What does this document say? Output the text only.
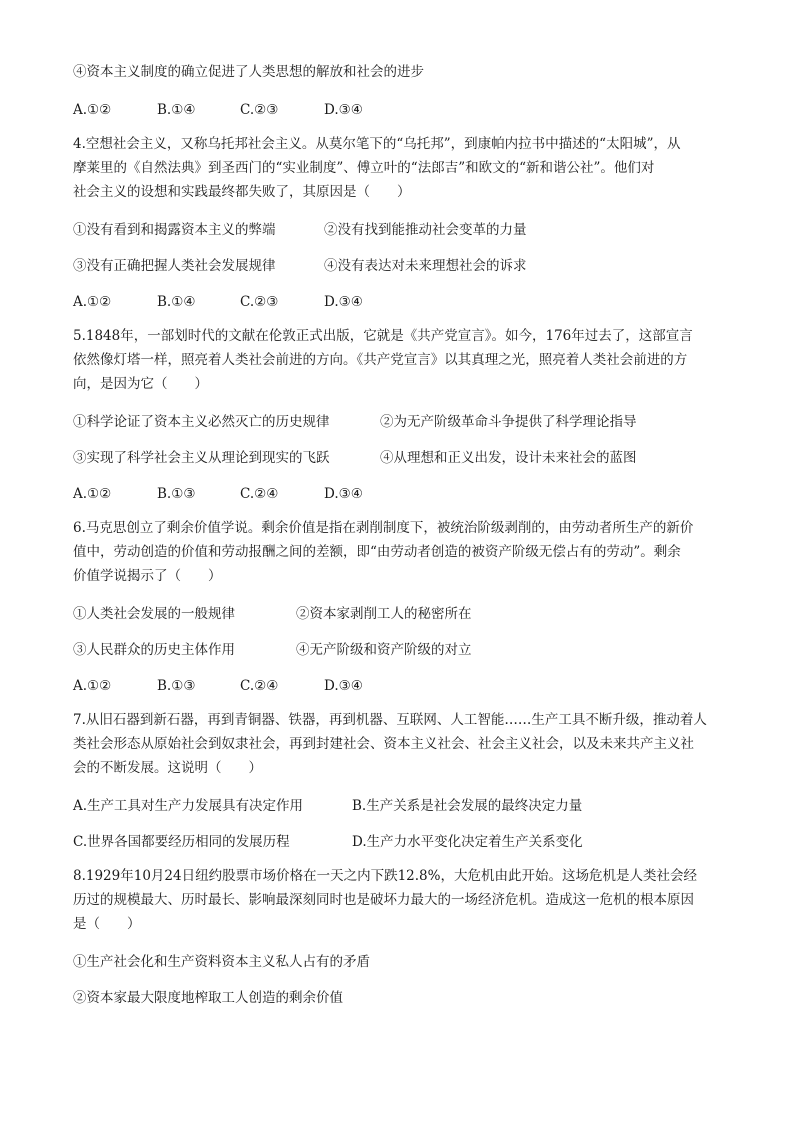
④资本主义制度的确立促进了人类思想的解放和社会的进步
A.①②	B.①④	C.②③	D.③④
4.空想社会主义，又称乌托邦社会主义。从莫尔笔下的“乌托邦”，到康帕内拉书中描述的“太阳城”，从
摩莱里的《自然法典》到圣西门的“实业制度”、傅立叶的“法郎吉”和欧文的“新和谐公社”。他们对
社会主义的设想和实践最终都失败了，其原因是（　　）
①没有看到和揭露资本主义的弊端	②没有找到能推动社会变革的力量
③没有正确把握人类社会发展规律	④没有表达对未来理想社会的诉求
A.①②	B.①④	C.②③	D.③④
5.1848年，一部划时代的文献在伦敦正式出版，它就是《共产党宣言》。如今，176年过去了，这部宣言
依然像灯塔一样，照亮着人类社会前进的方向。《共产党宣言》以其真理之光，照亮着人类社会前进的方
向，是因为它（　　）
①科学论证了资本主义必然灭亡的历史规律	②为无产阶级革命斗争提供了科学理论指导
③实现了科学社会主义从理论到现实的飞跃	④从理想和正义出发，设计未来社会的蓝图
A.①②	B.①③	C.②④	D.③④
6.马克思创立了剩余价值学说。剩余价值是指在剥削制度下，被统治阶级剥削的，由劳动者所生产的新价
值中，劳动创造的价值和劳动报酬之间的差额，即“由劳动者创造的被资产阶级无偿占有的劳动”。剩余
价值学说揭示了（　　）
①人类社会发展的一般规律	②资本家剥削工人的秘密所在
③人民群众的历史主体作用	④无产阶级和资产阶级的对立
A.①②	B.①③	C.②④	D.③④
7.从旧石器到新石器，再到青铜器、铁器，再到机器、互联网、人工智能……生产工具不断升级，推动着人
类社会形态从原始社会到奴隶社会，再到封建社会、资本主义社会、社会主义社会，以及未来共产主义社
会的不断发展。这说明（　　）
A.生产工具对生产力发展具有决定作用	B.生产关系是社会发展的最终决定力量
C.世界各国都要经历相同的发展历程	D.生产力水平变化决定着生产关系变化
8.1929年10月24日纽约股票市场价格在一天之内下跌12.8%，大危机由此开始。这场危机是人类社会经
历过的规模最大、历时最长、影响最深刻同时也是破坏力最大的一场经济危机。造成这一危机的根本原因
是（　　）
①生产社会化和生产资料资本主义私人占有的矛盾
②资本家最大限度地榨取工人创造的剩余价值
